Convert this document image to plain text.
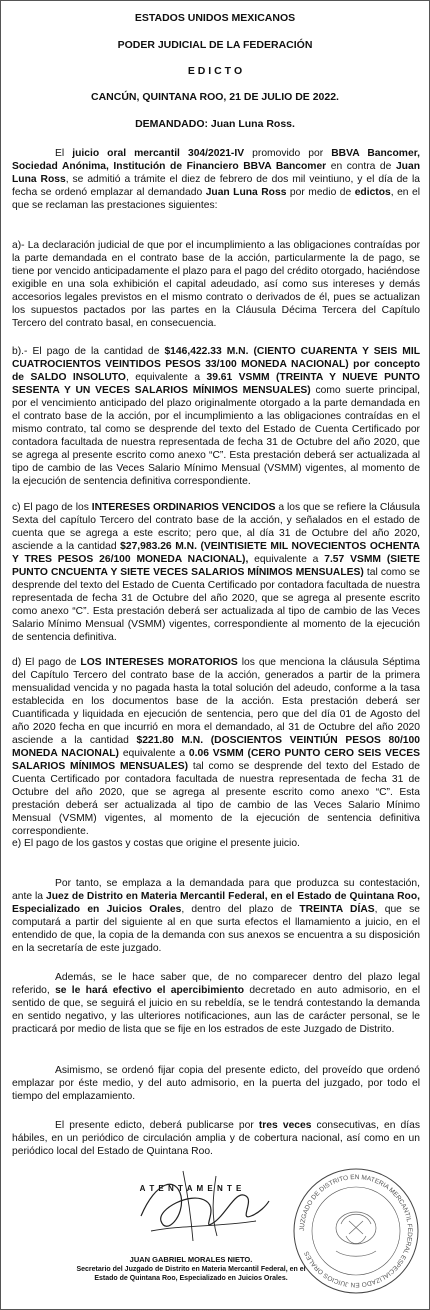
ESTADOS UNIDOS MEXICANOS
PODER JUDICIAL DE LA FEDERACIÓN
E D I C T O
CANCÚN, QUINTANA ROO, 21 DE JULIO DE 2022.
DEMANDADO: Juan Luna Ross.

El juicio oral mercantil 304/2021-IV promovido por BBVA Bancomer, Sociedad Anónima, Institución de Financiero BBVA Bancomer en contra de Juan Luna Ross, se admitió a trámite el diez de febrero de dos mil veintiuno, y el día de la fecha se ordenó emplazar al demandado Juan Luna Ross por medio de edictos, en el que se reclaman las prestaciones siguientes:

a)- La declaración judicial de que por el incumplimiento a las obligaciones contraídas por la parte demandada en el contrato base de la acción, particularmente la de pago, se tiene por vencido anticipadamente el plazo para el pago del crédito otorgado, haciéndose exigible en una sola exhibición el capital adeudado, así como sus intereses y demás accesorios legales previstos en el mismo contrato o derivados de él, pues se actualizan los supuestos pactados por las partes en la Cláusula Décima Tercera del Capítulo Tercero del contrato basal, en consecuencia.

b).- El pago de la cantidad de $146,422.33 M.N. (CIENTO CUARENTA Y SEIS MIL CUATROCIENTOS VEINTIDOS PESOS 33/100 MONEDA NACIONAL) por concepto de SALDO INSOLUTO, equivalente a 39.61 VSMM (TREINTA Y NUEVE PUNTO SESENTA Y UN VECES SALARIOS MÍNIMOS MENSUALES) como suerte principal, por el vencimiento anticipado del plazo originalmente otorgado a la parte demandada en el contrato base de la acción, por el incumplimiento a las obligaciones contraídas en el mismo contrato, tal como se desprende del texto del Estado de Cuenta Certificado por contadora facultada de nuestra representada de fecha 31 de Octubre del año 2020, que se agrega al presente escrito como anexo “C”. Esta prestación deberá ser actualizada al tipo de cambio de las Veces Salario Mínimo Mensual (VSMM) vigentes, al momento de la ejecución de sentencia definitiva correspondiente.

c) El pago de los INTERESES ORDINARIOS VENCIDOS a los que se refiere la Cláusula Sexta del capítulo Tercero del contrato base de la acción, y señalados en el estado de cuenta que se agrega a este escrito; pero que, al día 31 de Octubre del año 2020, asciende a la cantidad $27,983.26 M.N. (VEINTISIETE MIL NOVECIENTOS OCHENTA Y TRES PESOS 26/100 MONEDA NACIONAL), equivalente a 7.57 VSMM (SIETE PUNTO CNCUENTA Y SIETE VECES SALARIOS MÍNIMOS MENSUALES) tal como se desprende del texto del Estado de Cuenta Certificado por contadora facultada de nuestra representada de fecha 31 de Octubre del año 2020, que se agrega al presente escrito como anexo “C”. Esta prestación deberá ser actualizada al tipo de cambio de las Veces Salario Mínimo Mensual (VSMM) vigentes, correspondiente al momento de la ejecución de sentencia definitiva.

d) El pago de LOS INTERESES MORATORIOS los que menciona la cláusula Séptima del Capítulo Tercero del contrato base de la acción, generados a partir de la primera mensualidad vencida y no pagada hasta la total solución del adeudo, conforme a la tasa establecida en los documentos base de la acción. Esta prestación deberá ser Cuantificada y liquidada en ejecución de sentencia, pero que del día 01 de Agosto del año 2020 fecha en que incurrió en mora el demandado, al 31 de Octubre del año 2020 asciende a la cantidad $221.80 M.N. (DOSCIENTOS VEINTIÚN PESOS 80/100 MONEDA NACIONAL) equivalente a 0.06 VSMM (CERO PUNTO CERO SEIS VECES SALARIOS MÍNIMOS MENSUALES) tal como se desprende del texto del Estado de Cuenta Certificado por contadora facultada de nuestra representada de fecha 31 de Octubre del año 2020, que se agrega al presente escrito como anexo “C”. Esta prestación deberá ser actualizada al tipo de cambio de las Veces Salario Mínimo Mensual (VSMM) vigentes, al momento de la ejecución de sentencia definitiva correspondiente.

e) El pago de los gastos y costas que origine el presente juicio.

Por tanto, se emplaza a la demandada para que produzca su contestación, ante la Juez de Distrito en Materia Mercantil Federal, en el Estado de Quintana Roo, Especializado en Juicios Orales, dentro del plazo de TREINTA DÍAS, que se computará a partir del siguiente al en que surta efectos el llamamiento a juicio, en el entendido de que, la copia de la demanda con sus anexos se encuentra a su disposición en la secretaría de este juzgado.

Además, se le hace saber que, de no comparecer dentro del plazo legal referido, se le hará efectivo el apercibimiento decretado en auto admisorio, en el sentido de que, se seguirá el juicio en su rebeldía, se le tendrá contestando la demanda en sentido negativo, y las ulteriores notificaciones, aun las de carácter personal, se le practicará por medio de lista que se fije en los estrados de este Juzgado de Distrito.

Asimismo, se ordenó fijar copia del presente edicto, del proveído que ordenó emplazar por éste medio, y del auto admisorio, en la puerta del juzgado, por todo el tiempo del emplazamiento.

El presente edicto, deberá publicarse por tres veces consecutivas, en días hábiles, en un periódico de circulación amplia y de cobertura nacional, así como en un periódico local del Estado de Quintana Roo.

A T E N T A M E N T E
JUAN GABRIEL MORALES NIETO.
Secretario del Juzgado de Distrito en Materia Mercantil Federal, en el
Estado de Quintana Roo, Especializado en Juicios Orales.
JUZGADO DE DISTRITO EN MATERIA MERCANTIL FEDERAL ESPECIALIZADO EN JUICIOS ORALES
